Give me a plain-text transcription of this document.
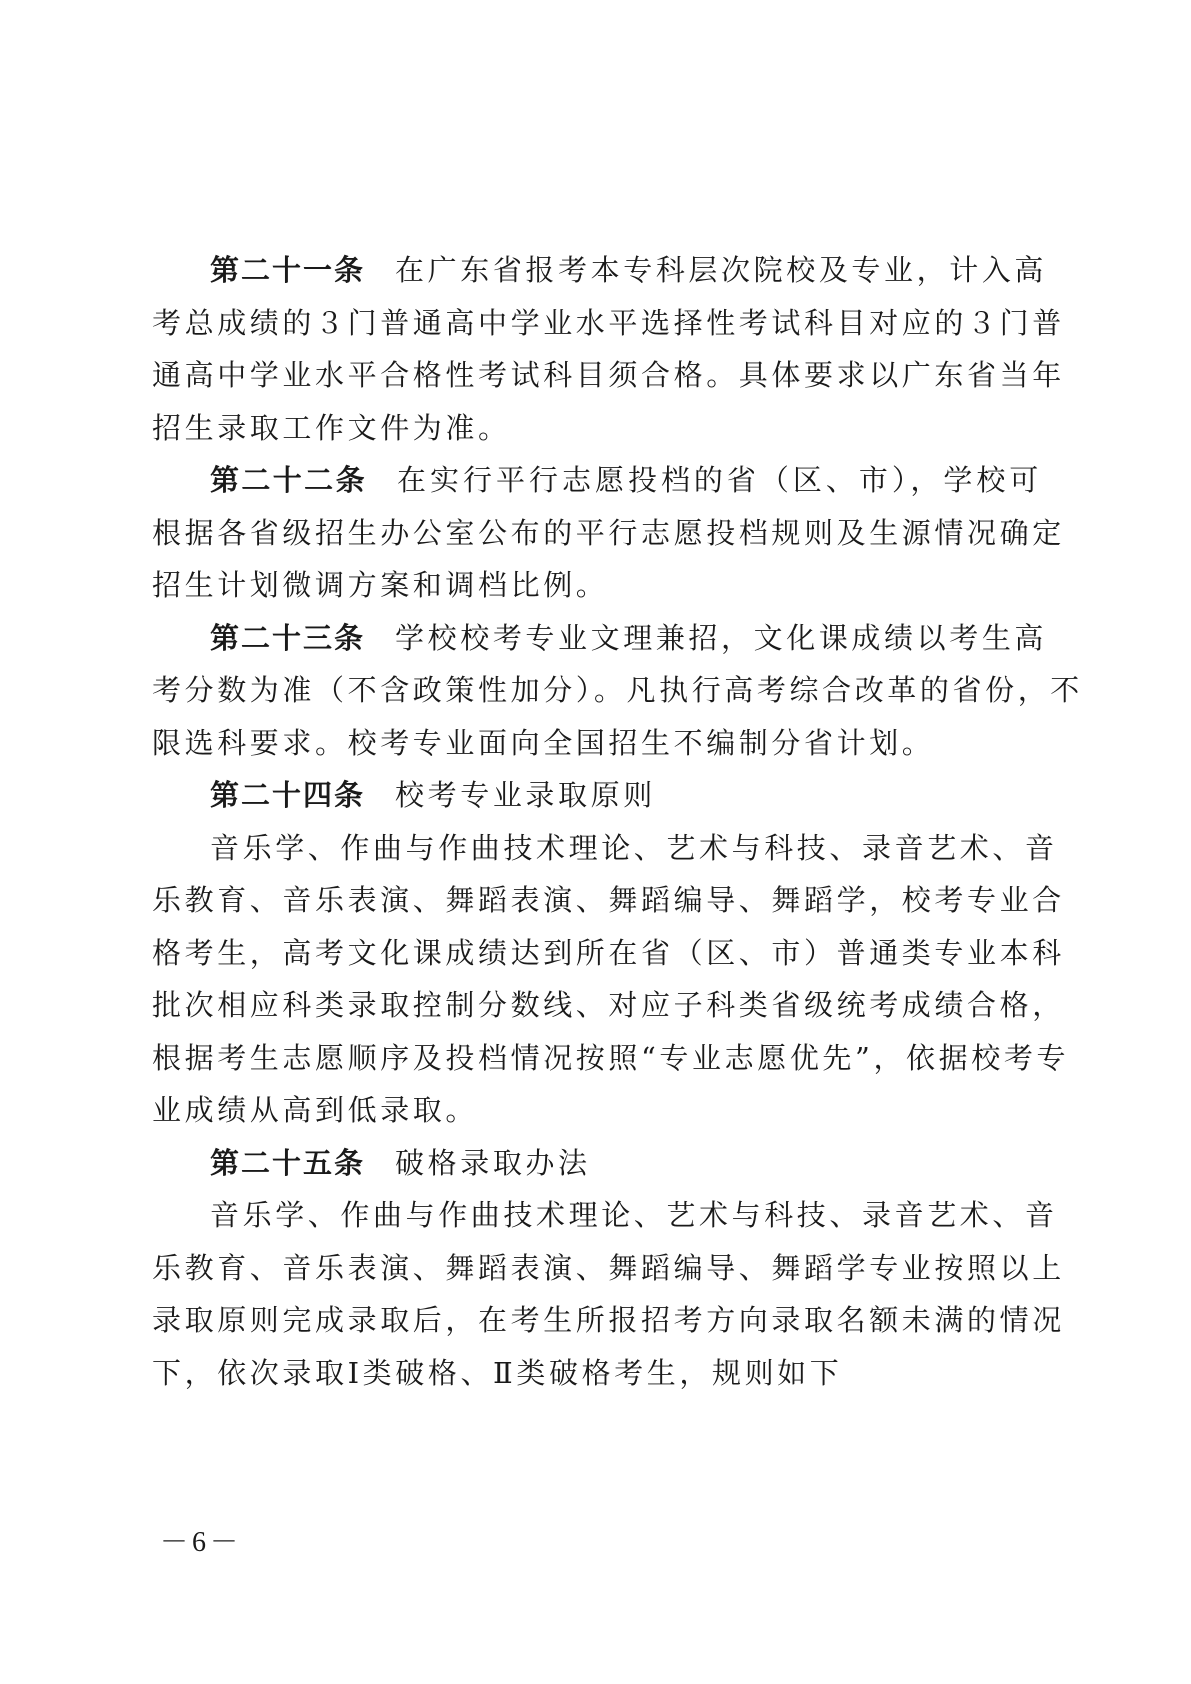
第二十一条 在广东省报考本专科层次院校及专业，计入高
考总成绩的３门普通高中学业水平选择性考试科目对应的３门普
通高中学业水平合格性考试科目须合格。具体要求以广东省当年
招生录取工作文件为准。
第二十二条 在实行平行志愿投档的省（区、市），学校可
根据各省级招生办公室公布的平行志愿投档规则及生源情况确定
招生计划微调方案和调档比例。
第二十三条 学校校考专业文理兼招，文化课成绩以考生高
考分数为准（不含政策性加分）。凡执行高考综合改革的省份，不
限选科要求。校考专业面向全国招生不编制分省计划。
第二十四条 校考专业录取原则
音乐学、作曲与作曲技术理论、艺术与科技、录音艺术、音
乐教育、音乐表演、舞蹈表演、舞蹈编导、舞蹈学，校考专业合
格考生，高考文化课成绩达到所在省（区、市）普通类专业本科
批次相应科类录取控制分数线、对应子科类省级统考成绩合格，
根据考生志愿顺序及投档情况按照“专业志愿优先”，依据校考专
业成绩从高到低录取。
第二十五条 破格录取办法
音乐学、作曲与作曲技术理论、艺术与科技、录音艺术、音
乐教育、音乐表演、舞蹈表演、舞蹈编导、舞蹈学专业按照以上
录取原则完成录取后，在考生所报招考方向录取名额未满的情况
下，依次录取Ⅰ类破格、Ⅱ类破格考生，规则如下
－6－
